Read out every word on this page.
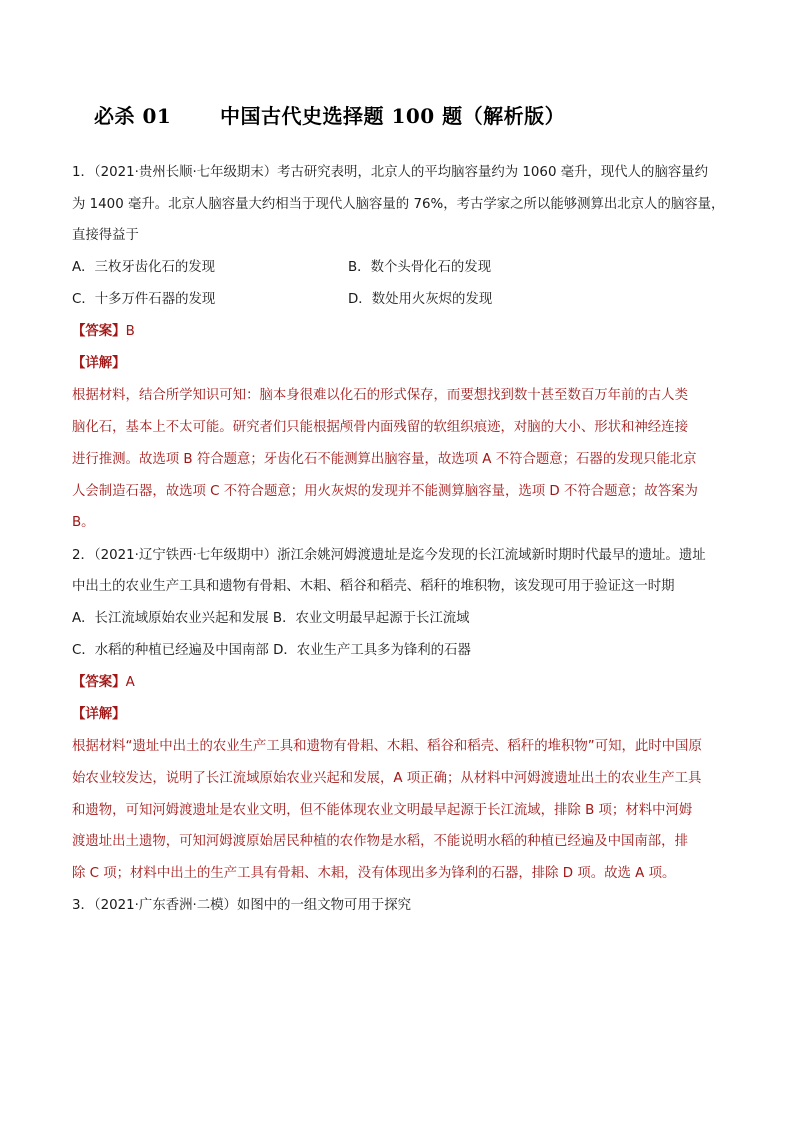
必杀 01 中国古代史选择题 100 题（解析版）
1．（2021·贵州长顺·七年级期末）考古研究表明，北京人的平均脑容量约为 1060 毫升，现代人的脑容量约
为 1400 毫升。北京人脑容量大约相当于现代人脑容量的 76%，考古学家之所以能够测算出北京人的脑容量，
直接得益于
A．三枚牙齿化石的发现	B．数个头骨化石的发现
C．十多万件石器的发现	D．数处用火灰烬的发现
【答案】B
【详解】
根据材料，结合所学知识可知：脑本身很难以化石的形式保存，而要想找到数十甚至数百万年前的古人类
脑化石，基本上不太可能。研究者们只能根据颅骨内面残留的软组织痕迹，对脑的大小、形状和神经连接
进行推测。故选项 B 符合题意；牙齿化石不能测算出脑容量，故选项 A 不符合题意；石器的发现只能北京
人会制造石器，故选项 C 不符合题意；用火灰烬的发现并不能测算脑容量，选项 D 不符合题意；故答案为
B。
2．（2021·辽宁铁西·七年级期中）浙江余姚河姆渡遗址是迄今发现的长江流域新时期时代最早的遗址。遗址
中出土的农业生产工具和遗物有骨耜、木耜、稻谷和稻壳、稻秆的堆积物，该发现可用于验证这一时期
A．长江流域原始农业兴起和发展 B．农业文明最早起源于长江流域
C．水稻的种植已经遍及中国南部 D．农业生产工具多为锋利的石器
【答案】A
【详解】
根据材料“遗址中出土的农业生产工具和遗物有骨耜、木耜、稻谷和稻壳、稻秆的堆积物”可知，此时中国原
始农业较发达，说明了长江流域原始农业兴起和发展，A 项正确；从材料中河姆渡遗址出土的农业生产工具
和遗物，可知河姆渡遗址是农业文明，但不能体现农业文明最早起源于长江流域，排除 B 项；材料中河姆
渡遗址出土遗物，可知河姆渡原始居民种植的农作物是水稻，不能说明水稻的种植已经遍及中国南部，排
除 C 项；材料中出土的生产工具有骨耜、木耜，没有体现出多为锋利的石器，排除 D 项。故选 A 项。
3．（2021·广东香洲·二模）如图中的一组文物可用于探究
